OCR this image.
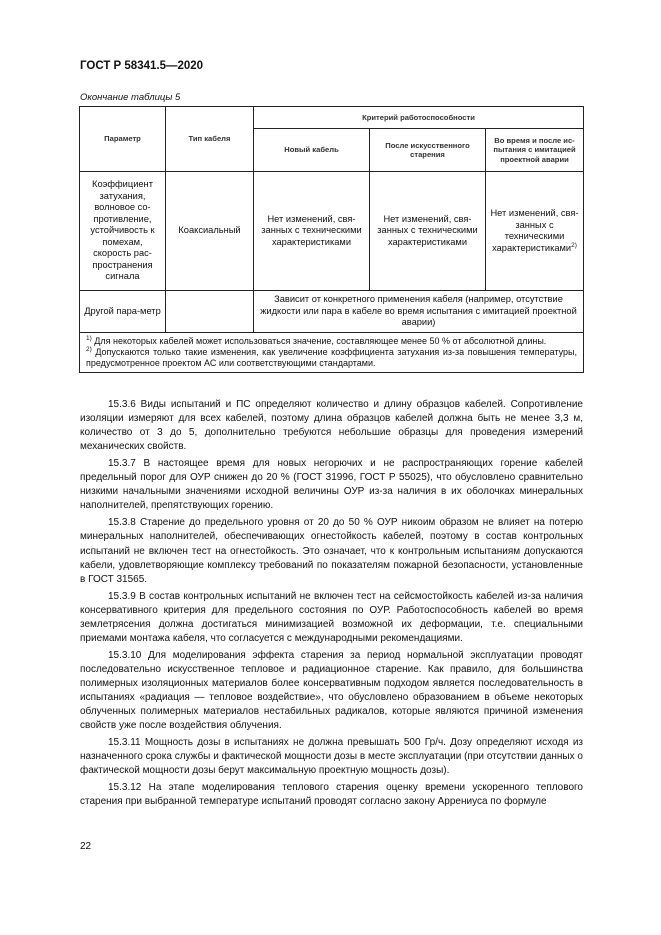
ГОСТ Р 58341.5—2020
Окончание таблицы 5
Параметр	Тип кабеля	Критерий работоспособности		
		Новый кабель	После искусственного старения	Во время и после ис-пытания с имитацией проектной аварии
Коэффициент затухания, волновое со-противление, устойчивость к помехам, скорость рас-пространения сигнала	Коаксиальный	Нет изменений, свя-занных с техническими характеристиками	Нет изменений, свя-занных с техническими характеристиками	Нет изменений, свя-занных с техническими характеристиками$^{2)}$
Другой пара-метр		Зависит от конкретного применения кабеля (например, отсутствие жидкости или пара в кабеле во время испытания с имитацией проектной аварии)		

$^{1)}$ Для некоторых кабелей может использоваться значение, составляющее менее 50 % от абсолютной длины.

$^{2)}$ Допускаются только такие изменения, как увеличение коэффициента затухания из-за повышения температуры, предусмотренное проектом АС или соответствующими стандартами.				

15.3.6 Виды испытаний и ПС определяют количество и длину образцов кабелей. Сопротивление изоляции измеряют для всех кабелей, поэтому длина образцов кабелей должна быть не менее 3,3 м, количество от 3 до 5, дополнительно требуются небольшие образцы для проведения измерений механических свойств.

15.3.7 В настоящее время для новых негорючих и не распространяющих горение кабелей предельный порог для ОУР снижен до 20 % (ГОСТ 31996, ГОСТ Р 55025), что обусловлено сравнительно низкими начальными значениями исходной величины ОУР из-за наличия в их оболочках минеральных наполнителей, препятствующих горению.

15.3.8 Старение до предельного уровня от 20 до 50 % ОУР никоим образом не влияет на потерю минеральных наполнителей, обеспечивающих огнестойкость кабелей, поэтому в состав контрольных испытаний не включен тест на огнестойкость. Это означает, что к контрольным испытаниям допускаются кабели, удовлетворяющие комплексу требований по показателям пожарной безопасности, установленные в ГОСТ 31565.

15.3.9 В состав контрольных испытаний не включен тест на сейсмостойкость кабелей из-за наличия консервативного критерия для предельного состояния по ОУР. Работоспособность кабелей во время землетрясения должна достигаться минимизацией возможной их деформации, т.е. специальными приемами монтажа кабеля, что согласуется с международными рекомендациями.

15.3.10 Для моделирования эффекта старения за период нормальной эксплуатации проводят последовательно искусственное тепловое и радиационное старение. Как правило, для большинства полимерных изоляционных материалов более консервативным подходом является последовательность в испытаниях «радиация — тепловое воздействие», что обусловлено образованием в объеме некоторых облученных полимерных материалов нестабильных радикалов, которые являются причиной изменения свойств уже после воздействия облучения.

15.3.11 Мощность дозы в испытаниях не должна превышать 500 Гр/ч. Дозу определяют исходя из назначенного срока службы и фактической мощности дозы в месте эксплуатации (при отсутствии данных о фактической мощности дозы берут максимальную проектную мощность дозы).

15.3.12 На этапе моделирования теплового старения оценку времени ускоренного теплового старения при выбранной температуре испытаний проводят согласно закону Аррениуса по формуле

22
